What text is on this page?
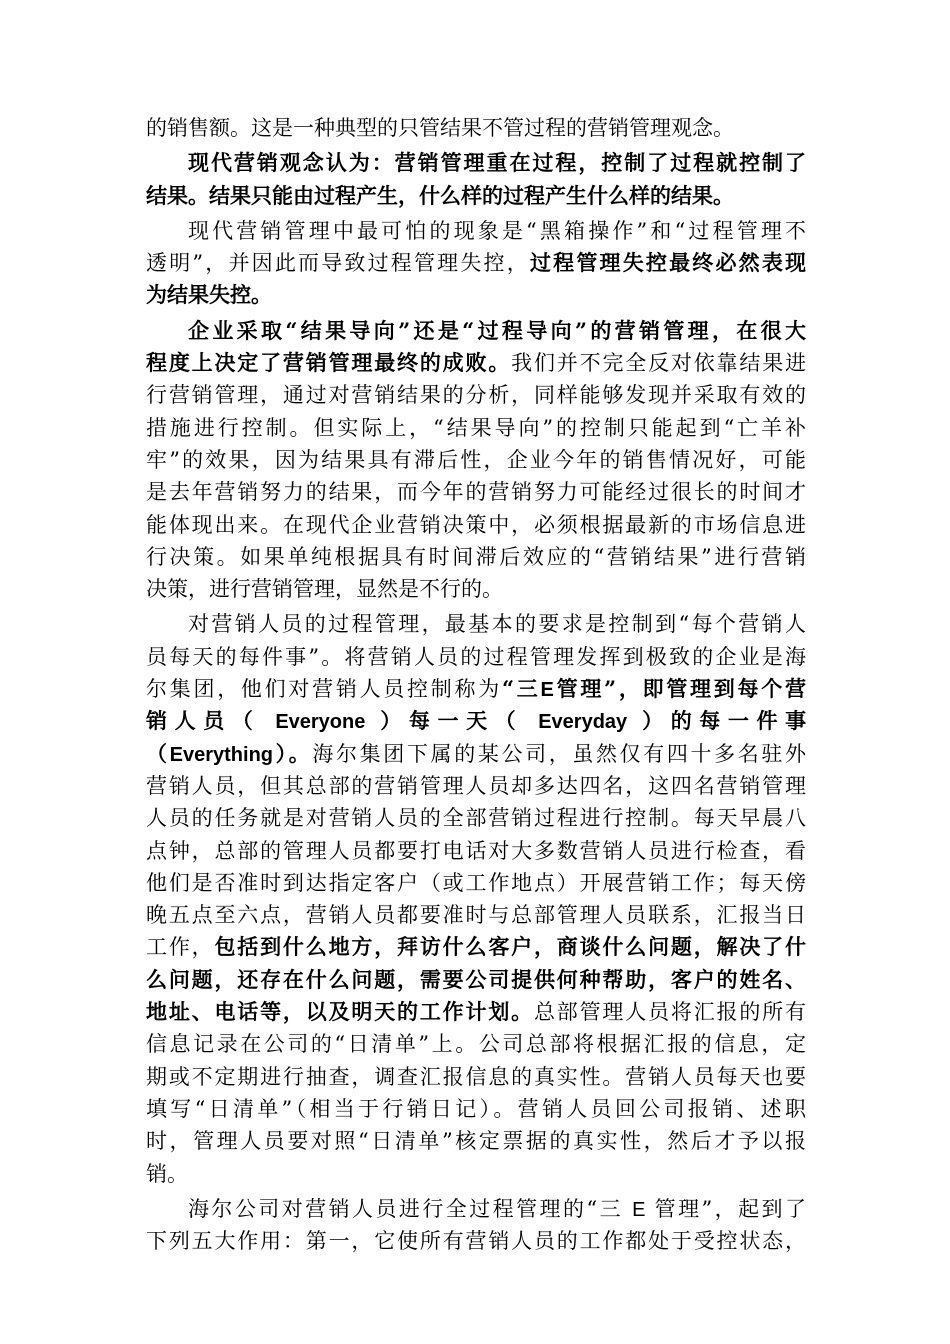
的销售额。这是一种典型的只管结果不管过程的营销管理观念。
现代营销观念认为：营销管理重在过程，控制了过程就控制了
结果。结果只能由过程产生，什么样的过程产生什么样的结果。
现代营销管理中最可怕的现象是“黑箱操作”和“过程管理不
透明”，并因此而导致过程管理失控，过程管理失控最终必然表现
为结果失控。
企业采取“结果导向”还是“过程导向”的营销管理，在很大
程度上决定了营销管理最终的成败。我们并不完全反对依靠结果进
行营销管理，通过对营销结果的分析，同样能够发现并采取有效的
措施进行控制。但实际上，“结果导向”的控制只能起到“亡羊补
牢”的效果，因为结果具有滞后性，企业今年的销售情况好，可能
是去年营销努力的结果，而今年的营销努力可能经过很长的时间才
能体现出来。在现代企业营销决策中，必须根据最新的市场信息进
行决策。如果单纯根据具有时间滞后效应的“营销结果”进行营销
决策，进行营销管理，显然是不行的。
对营销人员的过程管理，最基本的要求是控制到“每个营销人
员每天的每件事”。将营销人员的过程管理发挥到极致的企业是海
尔集团，他们对营销人员控制称为“三E管理”，即管理到每个营
销人员（ Everyone ）每一天（ Everyday ）的每一件事
（Everything）。海尔集团下属的某公司，虽然仅有四十多名驻外
营销人员，但其总部的营销管理人员却多达四名，这四名营销管理
人员的任务就是对营销人员的全部营销过程进行控制。每天早晨八
点钟，总部的管理人员都要打电话对大多数营销人员进行检查，看
他们是否准时到达指定客户（或工作地点）开展营销工作；每天傍
晚五点至六点，营销人员都要准时与总部管理人员联系，汇报当日
工作，包括到什么地方，拜访什么客户，商谈什么问题，解决了什
么问题，还存在什么问题，需要公司提供何种帮助，客户的姓名、
地址、电话等，以及明天的工作计划。总部管理人员将汇报的所有
信息记录在公司的“日清单”上。公司总部将根据汇报的信息，定
期或不定期进行抽查，调查汇报信息的真实性。营销人员每天也要
填写“日清单”（相当于行销日记）。营销人员回公司报销、述职
时，管理人员要对照“日清单”核定票据的真实性，然后才予以报
销。
海尔公司对营销人员进行全过程管理的“三 E 管理”，起到了
下列五大作用：第一，它使所有营销人员的工作都处于受控状态，
